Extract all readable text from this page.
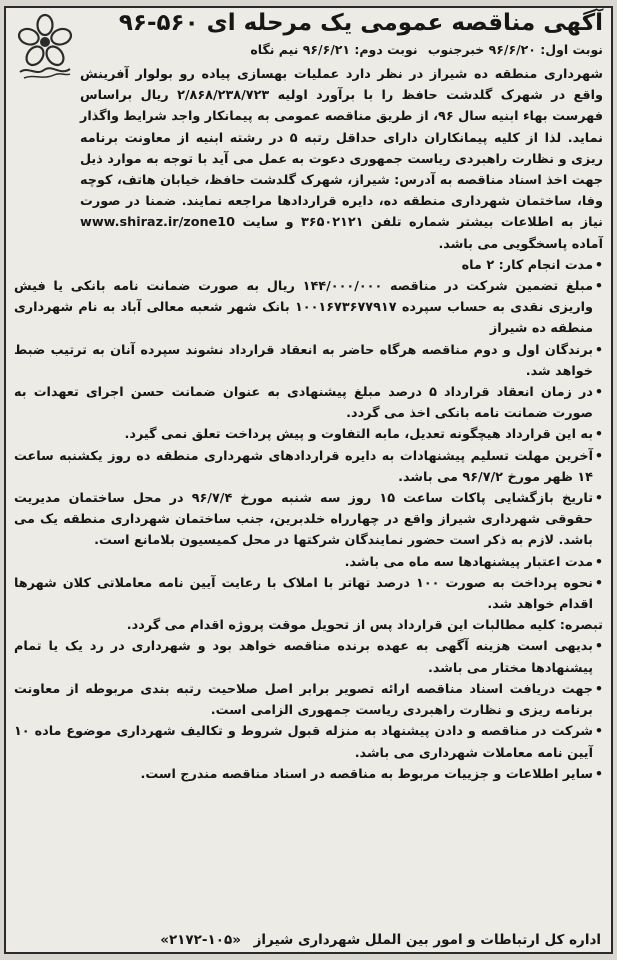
آگهی مناقصه عمومی یک مرحله ای ۵۶۰-۹۶
نوبت اول: ۹۶/۶/۲۰ خبرجنوب نوبت دوم: ۹۶/۶/۲۱ نیم نگاه

شهرداری منطقه ده شیراز در نظر دارد عملیات بهسازی پیاده رو بولوار آفرینش واقع در شهرک گلدشت حافظ را با برآورد اولیه ۲/۸۶۸/۲۳۸/۷۲۳ ریال براساس فهرست بهاء ابنیه سال ۹۶، از طریق مناقصه عمومی به پیمانکار واجد شرایط واگذار نماید. لذا از کلیه پیمانکاران دارای حداقل رتبه ۵ در رشته ابنیه از معاونت برنامه ریزی و نظارت راهبردی ریاست جمهوری دعوت به عمل می آید با توجه به موارد ذیل جهت اخذ اسناد مناقصه به آدرس: شیراز، شهرک گلدشت حافظ، خیابان هاتف، کوچه وفا، ساختمان شهرداری منطقه ده، دایره قراردادها مراجعه نمایند. ضمنا در صورت نیاز به اطلاعات بیشتر شماره تلفن ۳۶۵۰۲۱۲۱ و سایت www.shiraz.ir/zone10 آماده پاسخگویی می باشد.

• مدت انجام کار: ۲ ماه
• مبلغ تضمین شرکت در مناقصه ۱۴۴/۰۰۰/۰۰۰ ریال به صورت ضمانت نامه بانکی یا فیش واریزی نقدی به حساب سپرده ۱۰۰۱۶۷۳۶۷۷۹۱۷ بانک شهر شعبه معالی آباد به نام شهرداری منطقه ده شیراز
• برندگان اول و دوم مناقصه هرگاه حاضر به انعقاد قرارداد نشوند سپرده آنان به ترتیب ضبط خواهد شد.
• در زمان انعقاد قرارداد ۵ درصد مبلغ پیشنهادی به عنوان ضمانت حسن اجرای تعهدات به صورت ضمانت نامه بانکی اخذ می گردد.
• به این قرارداد هیچگونه تعدیل، مابه التفاوت و پیش پرداخت تعلق نمی گیرد.
• آخرین مهلت تسلیم پیشنهادات به دایره قراردادهای شهرداری منطقه ده روز یکشنبه ساعت ۱۴ ظهر مورخ ۹۶/۷/۲ می باشد.
• تاریخ بازگشایی پاکات ساعت ۱۵ روز سه شنبه مورخ ۹۶/۷/۴ در محل ساختمان مدیریت حقوقی شهرداری شیراز واقع در چهارراه خلدبرین، جنب ساختمان شهرداری منطقه یک می باشد. لازم به ذکر است حضور نمایندگان شرکتها در محل کمیسیون بلامانع است.
• مدت اعتبار پیشنهادها سه ماه می باشد.
• نحوه پرداخت به صورت ۱۰۰ درصد تهاتر با املاک با رعایت آیین نامه معاملاتی کلان شهرها اقدام خواهد شد.

تبصره: کلیه مطالبات این قرارداد پس از تحویل موقت پروژه اقدام می گردد.

• بدیهی است هزینه آگهی به عهده برنده مناقصه خواهد بود و شهرداری در رد یک یا تمام پیشنهادها مختار می باشد.
• جهت دریافت اسناد مناقصه ارائه تصویر برابر اصل صلاحیت رتبه بندی مربوطه از معاونت برنامه ریزی و نظارت راهبردی ریاست جمهوری الزامی است.
• شرکت در مناقصه و دادن پیشنهاد به منزله قبول شروط و تکالیف شهرداری موضوع ماده ۱۰ آیین نامه معاملات شهرداری می باشد.
• سایر اطلاعات و جزییات مربوط به مناقصه در اسناد مناقصه مندرج است.
اداره کل ارتباطات و امور بین الملل شهرداری شیراز «۲۱۷۲-۱۰۵»
